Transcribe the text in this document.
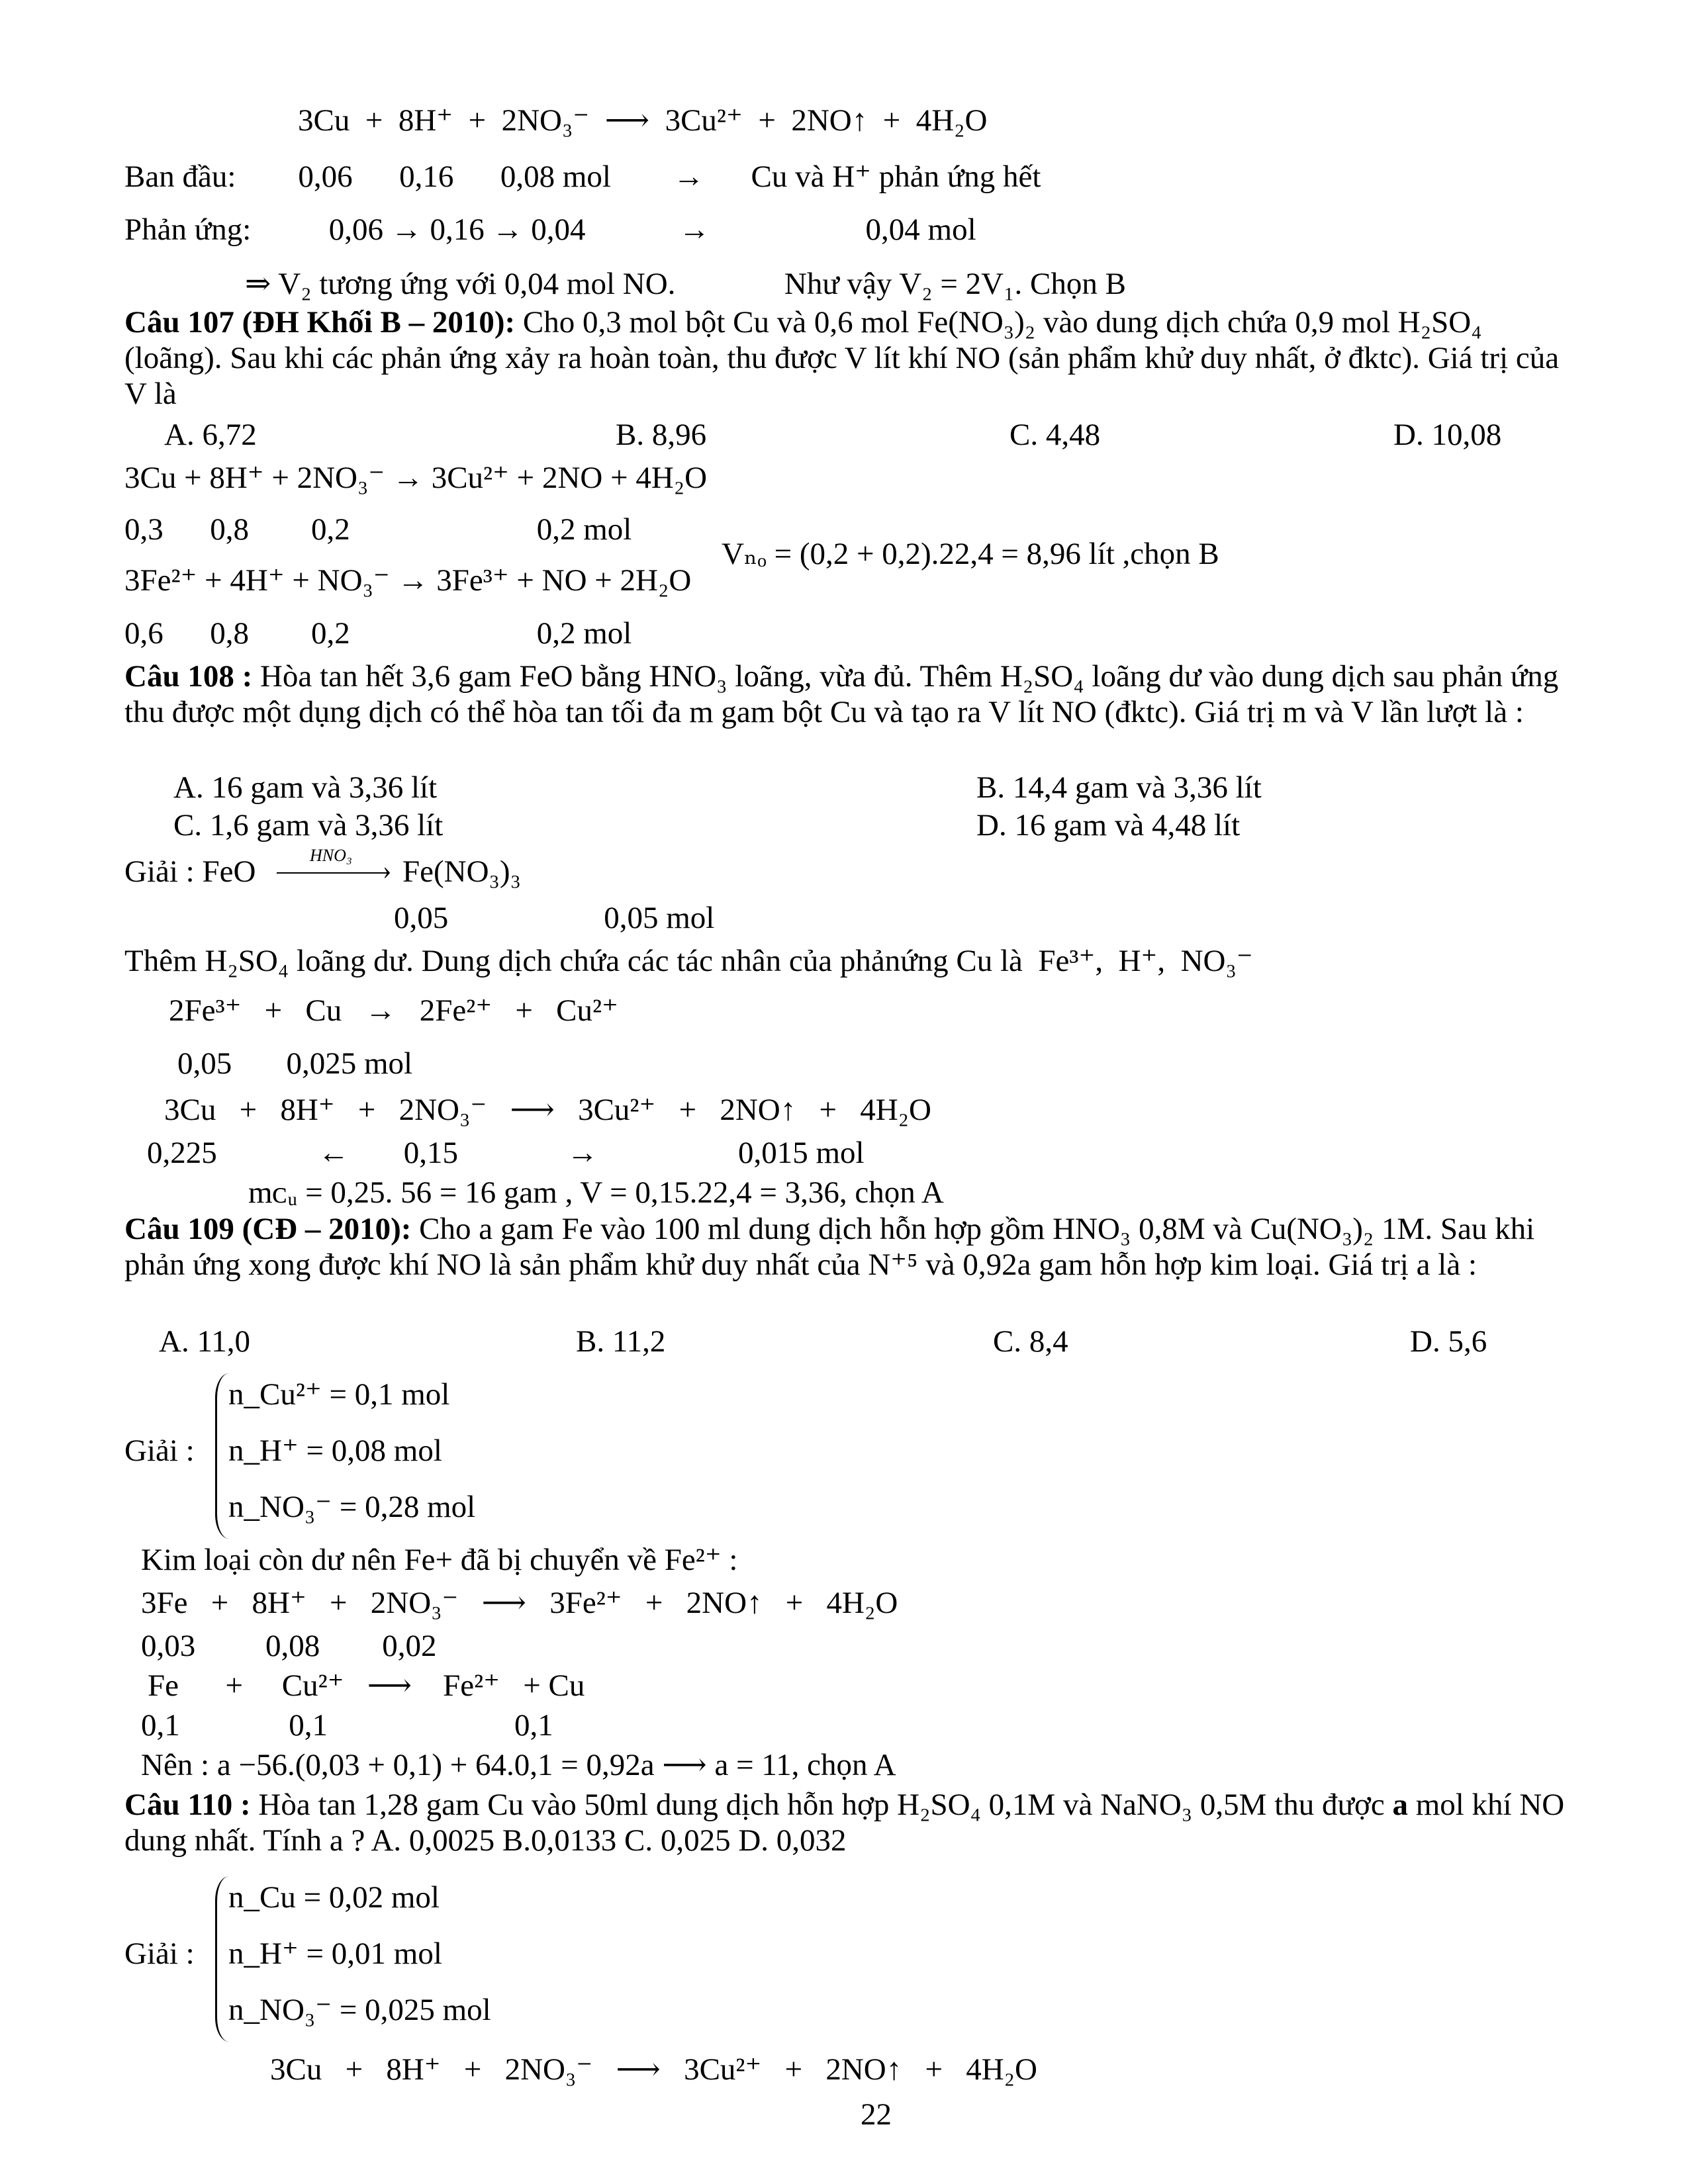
3Cu  +  8H⁺  +  2NO₃⁻  ⟶  3Cu²⁺  +  2NO↑  +  4H₂O
Ban đầu:        0,06      0,16      0,08 mol        →      Cu và H⁺ phản ứng hết
Phản ứng:          0,06 → 0,16 → 0,04            →                    0,04 mol
⇒ V₂ tương ứng với 0,04 mol NO.              Như vậy V₂ = 2V₁. Chọn B
Câu 107 (ĐH Khối B – 2010): Cho 0,3 mol bột Cu và 0,6 mol Fe(NO₃)₂ vào dung dịch chứa 0,9 mol H₂SO₄ (loãng). Sau khi các phản ứng xảy ra hoàn toàn, thu được V lít khí NO (sản phẩm khử duy nhất, ở đktc). Giá trị của V là
A. 6,72	B. 8,96	C. 4,48	D. 10,08
3Cu + 8H⁺ + 2NO₃⁻ → 3Cu²⁺ + 2NO + 4H₂O
0,3      0,8        0,2                        0,2 mol
Vₙₒ = (0,2 + 0,2).22,4 = 8,96 lít ,chọn B
3Fe²⁺ + 4H⁺ + NO₃⁻ → 3Fe³⁺ + NO + 2H₂O
0,6      0,8        0,2                        0,2 mol
Câu 108 : Hòa tan hết 3,6 gam FeO bằng HNO₃ loãng, vừa đủ. Thêm H₂SO₄ loãng dư vào dung dịch sau phản ứng thu được một dụng dịch có thể hòa tan tối đa m gam bột Cu và tạo ra V lít NO (đktc). Giá trị m và V lần lượt là :
A. 16 gam và 3,36 lít	B. 14,4 gam và 3,36 lít
C. 1,6 gam và 3,36 lít	D. 16 gam và 4,48 lít
Giải : FeO	HNO₃ › Fe(NO₃)₃
0,05                    0,05 mol
Thêm H₂SO₄ loãng dư. Dung dịch chứa các tác nhân của phảnứng Cu là  Fe³⁺,  H⁺,  NO₃⁻
2Fe³⁺   +   Cu   →   2Fe²⁺   +   Cu²⁺
0,05       0,025 mol
3Cu   +   8H⁺   +   2NO₃⁻   ⟶   3Cu²⁺   +   2NO↑   +   4H₂O
0,225             ←       0,15              →                  0,015 mol
mᴄᵤ = 0,25. 56 = 16 gam , V = 0,15.22,4 = 3,36, chọn A
Câu 109 (CĐ – 2010): Cho a gam Fe vào 100 ml dung dịch hỗn hợp gồm HNO₃ 0,8M và Cu(NO₃)₂ 1M. Sau khi phản ứng xong được khí NO là sản phẩm khử duy nhất của N⁺⁵ và 0,92a gam hỗn hợp kim loại. Giá trị a là :
A. 11,0	B. 11,2	C. 8,4	D. 5,6
Giải :
n_Cu²⁺ = 0,1 mol
n_H⁺ = 0,08 mol
n_NO₃⁻ = 0,28 mol
Kim loại còn dư nên Fe+ đã bị chuyển về Fe²⁺ :
3Fe   +   8H⁺   +   2NO₃⁻   ⟶   3Fe²⁺   +   2NO↑   +   4H₂O
0,03         0,08        0,02
Fe      +     Cu²⁺   ⟶    Fe²⁺   + Cu
0,1              0,1                        0,1
Nên : a −56.(0,03 + 0,1) + 64.0,1 = 0,92a ⟶ a = 11, chọn A
Câu 110 : Hòa tan 1,28 gam Cu vào 50ml dung dịch hỗn hợp H₂SO₄ 0,1M và NaNO₃ 0,5M thu được a mol khí NO dung nhất. Tính a ? A. 0,0025 B.0,0133 C. 0,025 D. 0,032
Giải :
n_Cu = 0,02 mol
n_H⁺ = 0,01 mol
n_NO₃⁻ = 0,025 mol
3Cu   +   8H⁺   +   2NO₃⁻   ⟶   3Cu²⁺   +   2NO↑   +   4H₂O
22
